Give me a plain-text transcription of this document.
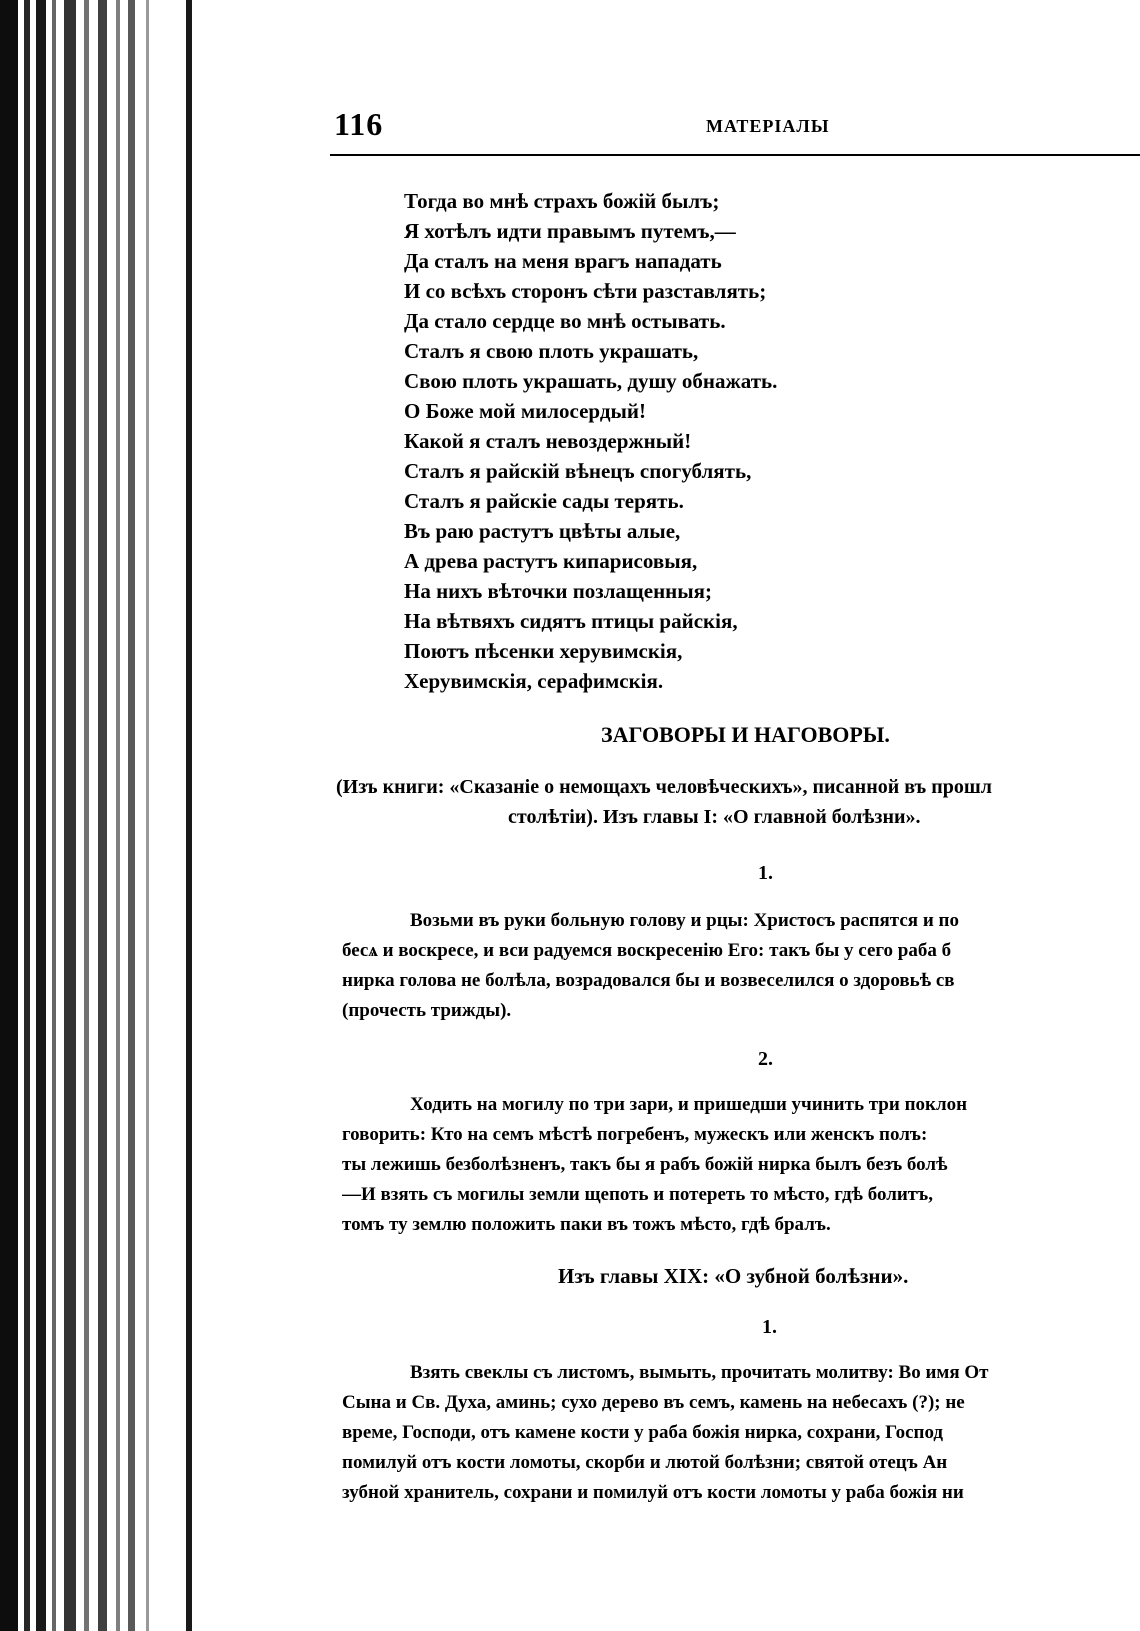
116	МАТЕРІАЛЫ
Тогда во мнѣ страхъ божій былъ;
Я хотѣлъ идти правымъ путемъ,—
Да сталъ на меня врагъ нападать
И со всѣхъ сторонъ сѣти разставлять;
Да стало сердце во мнѣ остывать.
Сталъ я свою плоть украшать,
Свою плоть украшать, душу обнажать.
О Боже мой милосердый!
Какой я сталъ невоздержный!
Сталъ я райскій вѣнецъ спогублять,
Сталъ я райскіе сады терять.
Въ раю растутъ цвѣты алые,
А древа растутъ кипарисовыя,
На нихъ вѣточки позлащенныя;
На вѣтвяхъ сидятъ птицы райскія,
Поютъ пѣсенки херувимскія,
Херувимскія, серафимскія.
ЗАГОВОРЫ И НАГОВОРЫ.
(Изъ книги: «Сказаніе о немощахъ человѣческихъ», писанной въ прошл
столѣтіи). Изъ главы I: «О главной болѣзни».
1.
Возьми въ руки больную голову и рцы: Христосъ распятся и по
бесѧ и воскресе, и вси радуемся воскресенію Его: такъ бы у сего раба б
нирка голова не болѣла, возрадовался бы и возвеселился о здоровьѣ св
(прочесть трижды).
2.
Ходить на могилу по три зари, и пришедши учинить три поклон
говорить: Кто на семъ мѣстѣ погребенъ, мужескъ или женскъ полъ:
ты лежишь безболѣзненъ, такъ бы я рабъ божій нирка былъ безъ болѣ
—И взять съ могилы земли щепоть и потереть то мѣсто, гдѣ болитъ,
томъ ту землю положить паки въ тожъ мѣсто, гдѣ бралъ.
Изъ главы XIX: «О зубной болѣзни».
1.
Взять свеклы съ листомъ, вымыть, прочитать молитву: Во имя От
Сына и Св. Духа, аминь; сухо дерево въ семъ, камень на небесахъ (?); не
време, Господи, отъ камене кости у раба божія нирка, сохрани, Господ
помилуй отъ кости ломоты, скорби и лютой болѣзни; святой отецъ Ан
зубной хранитель, сохрани и помилуй отъ кости ломоты у раба божія ни
